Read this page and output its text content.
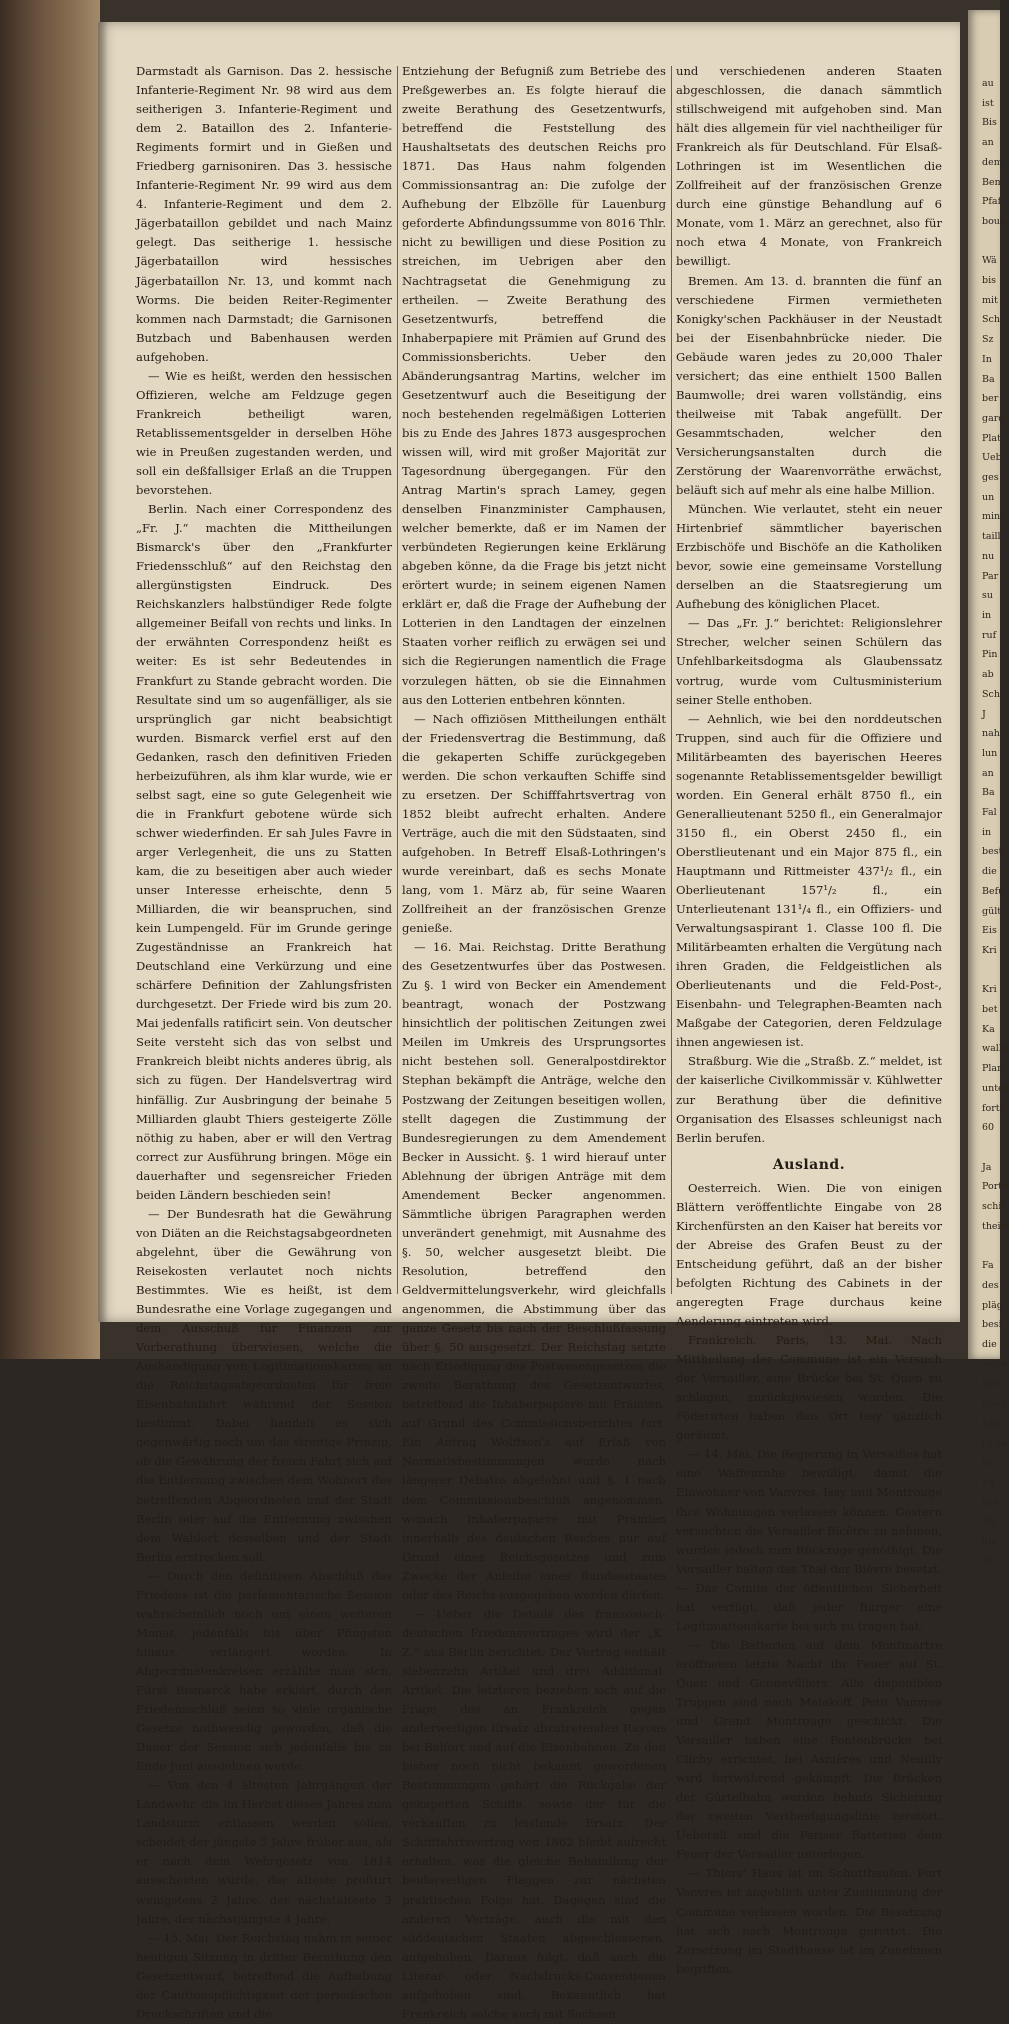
au
ist
Bis
an
dem
Bem
Pfaf
boue

Wä
bis
mit
Sch
Sz
In
Ba
ber
gard
Plat
Ueb
ges
un
mini
taill
nu
Par
su
in
ruf
Pin
ab
Sch
J
nah
lun
an
Ba
Fal
in
besti
die
Befu
gült
Eis
Kri

Kri
bet
Ka
wallu
Plan
unter
fortf
60

Ja
Porte
schif
theile

Fa
des
pläg
besi
die
verle
Die
Lohn
Kla
Orga
Be
Ka
Die
Bu
die
Fa

Darmstadt als Garnison. Das 2. hessische Infanterie-Regiment Nr. 98 wird aus dem seitherigen 3. Infanterie-Regiment und dem 2. Bataillon des 2. Infanterie-Regiments formirt und in Gießen und Friedberg garnisoniren. Das 3. hessische Infanterie-Regiment Nr. 99 wird aus dem 4. Infanterie-Regiment und dem 2. Jägerbataillon gebildet und nach Mainz gelegt. Das seitherige 1. hessische Jägerbataillon wird hessisches Jägerbataillon Nr. 13, und kommt nach Worms. Die beiden Reiter-Regimenter kommen nach Darmstadt; die Garnisonen Butzbach und Babenhausen werden aufgehoben.

— Wie es heißt, werden den hessischen Offizieren, welche am Feldzuge gegen Frankreich betheiligt waren, Retablissementsgelder in derselben Höhe wie in Preußen zugestanden werden, und soll ein deßfallsiger Erlaß an die Truppen bevorstehen.

Berlin. Nach einer Correspondenz des „Fr. J.“ machten die Mittheilungen Bismarck's über den „Frankfurter Friedensschluß“ auf den Reichstag den allergünstigsten Eindruck. Des Reichskanzlers halbstündiger Rede folgte allgemeiner Beifall von rechts und links. In der erwähnten Correspondenz heißt es weiter: Es ist sehr Bedeutendes in Frankfurt zu Stande gebracht worden. Die Resultate sind um so augenfälliger, als sie ursprünglich gar nicht beabsichtigt wurden. Bismarck verfiel erst auf den Gedanken, rasch den definitiven Frieden herbeizuführen, als ihm klar wurde, wie er selbst sagt, eine so gute Gelegenheit wie die in Frankfurt gebotene würde sich schwer wiederfinden. Er sah Jules Favre in arger Verlegenheit, die uns zu Statten kam, die zu beseitigen aber auch wieder unser Interesse erheischte, denn 5 Milliarden, die wir beanspruchen, sind kein Lumpengeld. Für im Grunde geringe Zugeständnisse an Frankreich hat Deutschland eine Verkürzung und eine schärfere Definition der Zahlungsfristen durchgesetzt. Der Friede wird bis zum 20. Mai jedenfalls ratificirt sein. Von deutscher Seite versteht sich das von selbst und Frankreich bleibt nichts anderes übrig, als sich zu fügen. Der Handelsvertrag wird hinfällig. Zur Ausbringung der beinahe 5 Milliarden glaubt Thiers gesteigerte Zölle nöthig zu haben, aber er will den Vertrag correct zur Ausführung bringen. Möge ein dauerhafter und segensreicher Frieden beiden Ländern beschieden sein!

— Der Bundesrath hat die Gewährung von Diäten an die Reichstagsabgeordneten abgelehnt, über die Gewährung von Reisekosten verlautet noch nichts Bestimmtes. Wie es heißt, ist dem Bundesrathe eine Vorlage zugegangen und dem Ausschuß für Finanzen zur Vorberathung überwiesen, welche die Aushändigung von Legitimationskarten an die Reichstagsabgeordneten für freie Eisenbahnfahrt während der Session bestimmt. Dabei handelt es sich gegenwärtig noch um das streitige Prinzip, ob die Gewährung der freien Fahrt sich auf die Entfernung zwischen dem Wohnort des betreffenden Abgeordneten und der Stadt Berlin oder auf die Entfernung zwischen dem Wahlort desselben und der Stadt Berlin erstrecken soll.

— Durch den definitiven Abschluß des Friedens ist die parlamentarische Session wahrscheinlich noch um einen weiteren Monat, jedenfalls bis über Pfingsten hinaus, verlängert worden. In Abgeordnetenkreisen erzählte man sich, Fürst Bismarck habe erklärt, durch den Friedensschluß seien so viele organische Gesetze nothwendig geworden, daß die Dauer der Session sich jedenfalls bis zu Ende Juni ausdehnen werde.

— Von den 4 ältesten Jahrgängen der Landwehr, die im Herbst dieses Jahres zum Landsturm entlassen werden sollen, scheidet der jüngste 5 Jahre früher aus, als er nach dem Wehrgesetz von 1814 ausscheiden würde, der älteste profitirt wenigstens 2 Jahre, der nächstälteste 3 Jahre, der nächstjüngste 4 Jahre.

— 15. Mai. Der Reichstag nahm in seiner heutigen Sitzung in dritter Berathung den Gesetzentwurf, betreffend die Aufhebung der Cautionspflichtigkeit der periodischen Druckschriften und die

Entziehung der Befugniß zum Betriebe des Preßgewerbes an. Es folgte hierauf die zweite Berathung des Gesetzentwurfs, betreffend die Feststellung des Haushaltsetats des deutschen Reichs pro 1871. Das Haus nahm folgenden Commissionsantrag an: Die zufolge der Aufhebung der Elbzölle für Lauenburg geforderte Abfindungssumme von 8016 Thlr. nicht zu bewilligen und diese Position zu streichen, im Uebrigen aber den Nachtragsetat die Genehmigung zu ertheilen. — Zweite Berathung des Gesetzentwurfs, betreffend die Inhaberpapiere mit Prämien auf Grund des Commissionsberichts. Ueber den Abänderungsantrag Martins, welcher im Gesetzentwurf auch die Beseitigung der noch bestehenden regelmäßigen Lotterien bis zu Ende des Jahres 1873 ausgesprochen wissen will, wird mit großer Majorität zur Tagesordnung übergegangen. Für den Antrag Martin's sprach Lamey, gegen denselben Finanzminister Camphausen, welcher bemerkte, daß er im Namen der verbündeten Regierungen keine Erklärung abgeben könne, da die Frage bis jetzt nicht erörtert wurde; in seinem eigenen Namen erklärt er, daß die Frage der Aufhebung der Lotterien in den Landtagen der einzelnen Staaten vorher reiflich zu erwägen sei und sich die Regierungen namentlich die Frage vorzulegen hätten, ob sie die Einnahmen aus den Lotterien entbehren könnten.

— Nach offiziösen Mittheilungen enthält der Friedensvertrag die Bestimmung, daß die gekaperten Schiffe zurückgegeben werden. Die schon verkauften Schiffe sind zu ersetzen. Der Schifffahrtsvertrag von 1852 bleibt aufrecht erhalten. Andere Verträge, auch die mit den Südstaaten, sind aufgehoben. In Betreff Elsaß-Lothringen's wurde vereinbart, daß es sechs Monate lang, vom 1. März ab, für seine Waaren Zollfreiheit an der französischen Grenze genieße.

— 16. Mai. Reichstag. Dritte Berathung des Gesetzentwurfes über das Postwesen. Zu §. 1 wird von Becker ein Amendement beantragt, wonach der Postzwang hinsichtlich der politischen Zeitungen zwei Meilen im Umkreis des Ursprungsortes nicht bestehen soll. Generalpostdirektor Stephan bekämpft die Anträge, welche den Postzwang der Zeitungen beseitigen wollen, stellt dagegen die Zustimmung der Bundesregierungen zu dem Amendement Becker in Aussicht. §. 1 wird hierauf unter Ablehnung der übrigen Anträge mit dem Amendement Becker angenommen. Sämmtliche übrigen Paragraphen werden unverändert genehmigt, mit Ausnahme des §. 50, welcher ausgesetzt bleibt. Die Resolution, betreffend den Geldvermittelungsverkehr, wird gleichfalls angenommen, die Abstimmung über das ganze Gesetz bis nach der Beschlußfassung über §. 50 ausgesetzt. Der Reichstag setzte nach Erledigung des Postwesengesetzes die zweite Berathung des Gesetzentwurfes, betreffend die Inhaberpapiere mit Prämien, auf Grund des Commissionsberichtes fort. Ein Antrag Wolffson's auf Erlaß von Normativbestimmungen wurde nach längerer Debatte abgelehnt und §. 1 nach dem Commissionsbeschluß angenommen, wonach Inhaberpapiere mit Prämien innerhalb des deutschen Reiches nur auf Grund eines Reichsgesetzes und zum Zwecke der Anleihe eines Bundesstaates oder des Reichs ausgegeben werden dürfen.

— Ueber die Details des französisch-deutschen Friedensvertrages wird der „K. Z.“ aus Berlin berichtet: Der Vertrag enthält siebenzehn Artikel und drei Additional-Artikel. Die letzteren beziehen sich auf die Frage des an Frankreich gegen anderweitigen Ersatz abzutretenden Rayons bei Belfort und auf die Eisenbahnen. Zu den bisher noch nicht bekannt gewordenen Bestimmungen gehört die Rückgabe der gekaperten Schiffe, sowie der für die verkauften zu leistende Ersatz. Der Schifffahrtsvertrag von 1862 bleibt aufrecht erhalten, was die gleiche Behandlung der beiderseitigen Flaggen zur nächsten praktischen Folge hat. Dagegen sind die anderen Verträge, auch die mit den süddeutschen Staaten abgeschlossenen, aufgehoben. Daraus folgt, daß auch die Literar- oder Nachdrucks-Conventionen aufgehoben sind. Bekanntlich hat Frankreich solche auch mit Sachsen

und verschiedenen anderen Staaten abgeschlossen, die danach sämmtlich stillschweigend mit aufgehoben sind. Man hält dies allgemein für viel nachtheiliger für Frankreich als für Deutschland. Für Elsaß-Lothringen ist im Wesentlichen die Zollfreiheit auf der französischen Grenze durch eine günstige Behandlung auf 6 Monate, vom 1. März an gerechnet, also für noch etwa 4 Monate, von Frankreich bewilligt.

Bremen. Am 13. d. brannten die fünf an verschiedene Firmen vermietheten Konigky'schen Packhäuser in der Neustadt bei der Eisenbahnbrücke nieder. Die Gebäude waren jedes zu 20,000 Thaler versichert; das eine enthielt 1500 Ballen Baumwolle; drei waren vollständig, eins theilweise mit Tabak angefüllt. Der Gesammtschaden, welcher den Versicherungsanstalten durch die Zerstörung der Waarenvorräthe erwächst, beläuft sich auf mehr als eine halbe Million.

München. Wie verlautet, steht ein neuer Hirtenbrief sämmtlicher bayerischen Erzbischöfe und Bischöfe an die Katholiken bevor, sowie eine gemeinsame Vorstellung derselben an die Staatsregierung um Aufhebung des königlichen Placet.

— Das „Fr. J.“ berichtet: Religionslehrer Strecher, welcher seinen Schülern das Unfehlbarkeitsdogma als Glaubenssatz vortrug, wurde vom Cultusministerium seiner Stelle enthoben.

— Aehnlich, wie bei den norddeutschen Truppen, sind auch für die Offiziere und Militärbeamten des bayerischen Heeres sogenannte Retablissementsgelder bewilligt worden. Ein General erhält 8750 fl., ein Generallieutenant 5250 fl., ein Generalmajor 3150 fl., ein Oberst 2450 fl., ein Oberstlieutenant und ein Major 875 fl., ein Hauptmann und Rittmeister 437¹/₂ fl., ein Oberlieutenant 157¹/₂ fl., ein Unterlieutenant 131¹/₄ fl., ein Offiziers- und Verwaltungsaspirant 1. Classe 100 fl. Die Militärbeamten erhalten die Vergütung nach ihren Graden, die Feldgeistlichen als Oberlieutenants und die Feld-Post-, Eisenbahn- und Telegraphen-Beamten nach Maßgabe der Categorien, deren Feldzulage ihnen angewiesen ist.

Straßburg. Wie die „Straßb. Z.“ meldet, ist der kaiserliche Civilkommissär v. Kühlwetter zur Berathung über die definitive Organisation des Elsasses schleunigst nach Berlin berufen.

Ausland.

Oesterreich. Wien. Die von einigen Blättern veröffentlichte Eingabe von 28 Kirchenfürsten an den Kaiser hat bereits vor der Abreise des Grafen Beust zu der Entscheidung geführt, daß an der bisher befolgten Richtung des Cabinets in der angeregten Frage durchaus keine Aenderung eintreten wird.

Frankreich. Paris, 13. Mai. Nach Mittheilung der Commune ist ein Versuch der Versailler, eine Brücke bei St. Quen zu schlagen, zurückgewiesen worden. Die Föderirten haben den Ort Issy gänzlich geräumt.

— 14. Mai. Die Regierung in Versailles hat eine Waffenruhe bewilligt, damit die Einwohner von Vanvres, Issy und Montrouge ihre Wohnungen verlassen können. Gestern versuchten die Versailler Bicêtre zu nehmen, wurden jedoch zum Rückzuge genöthigt. Die Versailler halten das Thal der Bièvre besetzt. — Das Comite der öffentlichen Sicherheit hat verfügt, daß jeder Bürger eine Legitimationskarte bei sich zu tragen hat.

— Die Batterien auf dem Montmartre eröffneten letzte Nacht ihr Feuer auf St. Quen und Gennevilliers. Alle disponiblen Truppen sind nach Malakoff, Petit Vanvres und Grand Montrouge geschickt. Die Versailler haben eine Pontonbrücke bei Clichy errichtet, bei Asnières und Neuilly wird fortwährend gekämpft. Die Brücken der Gürtelbahn werden behufs Sicherung der zweiten Vertheidigungslinie zerstört. Ueberall sind die Pariser Batterien dem Feuer der Versailler unterlegen.

— Thiers' Haus ist im Schutthaufen. Fort Vanvres ist angeblich unter Zustimmung der Commune verlassen worden. Die Besatzung hat sich nach Montrouge gerettet. Die Zersetzung im Stadthause ist im Zunehmen begriffen.
